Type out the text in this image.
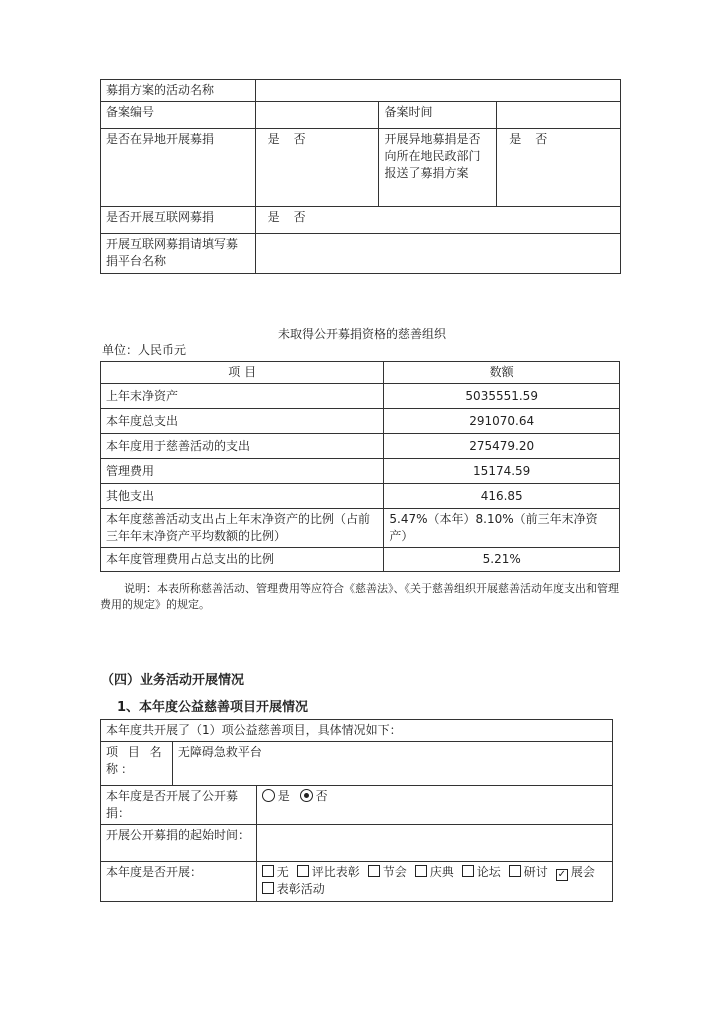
募捐方案的活动名称			
备案编号		备案时间	
是否在异地开展募捐	是 否	开展异地募捐是否向所在地民政部门报送了募捐方案	是 否
是否开展互联网募捐	是 否		
开展互联网募捐请填写募捐平台名称			

未取得公开募捐资格的慈善组织

单位：人民币元

项 目	数额
上年末净资产	5035551.59
本年度总支出	291070.64
本年度用于慈善活动的支出	275479.20
管理费用	15174.59
其他支出	416.85
本年度慈善活动支出占上年末净资产的比例（占前三年年末净资产平均数额的比例）	5.47%（本年）8.10%（前三年末净资产）
本年度管理费用占总支出的比例	5.21%

说明：本表所称慈善活动、管理费用等应符合《慈善法》、《关于慈善组织开展慈善活动年度支出和管理费用的规定》的规定。

（四）业务活动开展情况

1、本年度公益慈善项目开展情况

本年度共开展了（1）项公益慈善项目，具体情况如下：		
项 目 名 称：	无障碍急救平台	
本年度是否开展了公开募捐：		是 否
开展公开募捐的起始时间：		
本年度是否开展：		无 评比表彰 节会 庆典 论坛 研讨 ✓ 展会表彰活动
